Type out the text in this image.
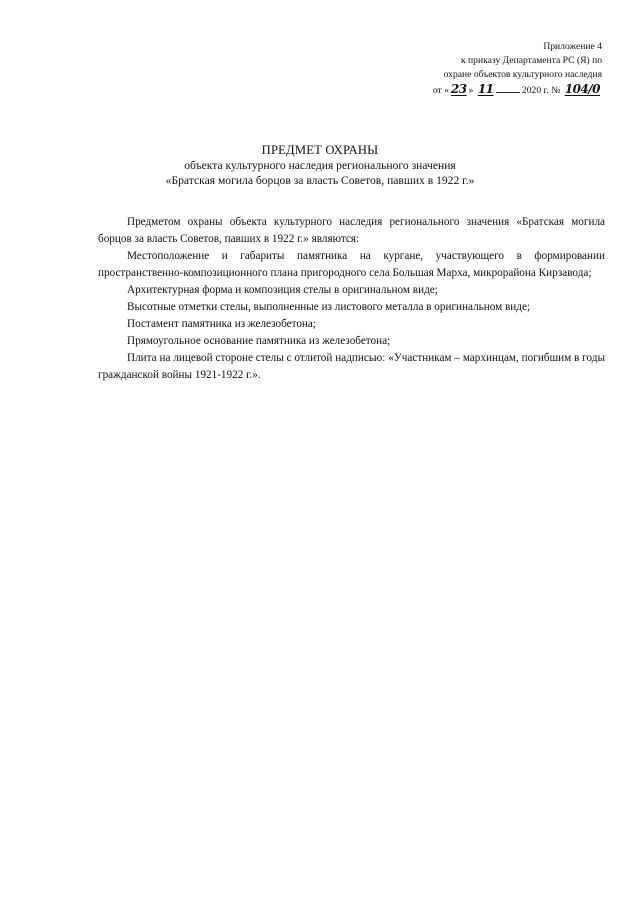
Приложение 4
к приказу Департамента РС (Я) по
охране объектов культурного наследия
от « 23 » 11	2020 г. № 104/0
ПРЕДМЕТ ОХРАНЫ
объекта культурного наследия регионального значения
«Братская могила борцов за власть Советов, павших в 1922 г.»

Предметом охраны объекта культурного наследия регионального значения «Братская могила борцов за власть Советов, павших в 1922 г.» являются:

Местоположение и габариты памятника на кургане, участвующего в формировании пространственно-композиционного плана пригородного села Большая Марха, микрорайона Кирзавода;

Архитектурная форма и композиция стелы в оригинальном виде;

Высотные отметки стелы, выполненные из листового металла в оригинальном виде;

Постамент памятника из железобетона;

Прямоугольное основание памятника из железобетона;

Плита на лицевой стороне стелы с отлитой надписью: «Участникам – мархинцам, погибшим в годы гражданской войны 1921-1922 г.».
